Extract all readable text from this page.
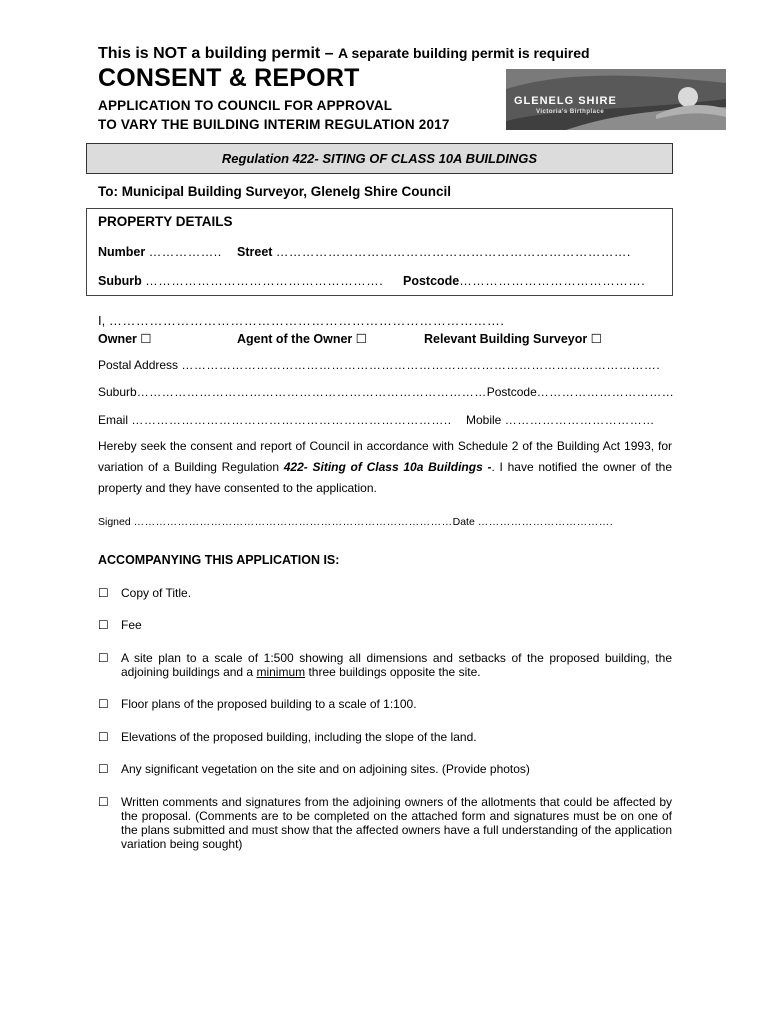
This is NOT a building permit – A separate building permit is required
CONSENT & REPORT
APPLICATION TO COUNCIL FOR APPROVAL
TO VARY THE BUILDING INTERIM REGULATION 2017
GLENELG SHIRE
Victoria's Birthplace
Regulation 422- SITING OF CLASS 10A BUILDINGS
To: Municipal Building Surveyor, Glenelg Shire Council
PROPERTY DETAILS
Number …………….. Street ……………………………………………………………………….
Suburb ………………………………………………. Postcode…………………………………….
I, …………………………………………………………………………….
Owner ☐	Agent of the Owner ☐	Relevant Building Surveyor ☐
Postal Address …………………………………………………………………………………………………….
Suburb…………………………………………………………………………Postcode……………………………
Email ………………………………………………………………….. Mobile ………………………………
Hereby seek the consent and report of Council in accordance with Schedule 2 of the Building Act 1993, for variation of a Building Regulation 422- Siting of Class 10a Buildings -. I have notified the owner of the property and they have consented to the application.
Signed ……………………………………………………………………………Date ……………………………….
ACCOMPANYING THIS APPLICATION IS:
☐ Copy of Title.
☐ Fee
☐ A site plan to a scale of 1:500 showing all dimensions and setbacks of the proposed building, the adjoining buildings and a minimum three buildings opposite the site.
☐ Floor plans of the proposed building to a scale of 1:100.
☐ Elevations of the proposed building, including the slope of the land.
☐ Any significant vegetation on the site and on adjoining sites. (Provide photos)
☐ Written comments and signatures from the adjoining owners of the allotments that could be affected by the proposal. (Comments are to be completed on the attached form and signatures must be on one of the plans submitted and must show that the affected owners have a full understanding of the application variation being sought)
